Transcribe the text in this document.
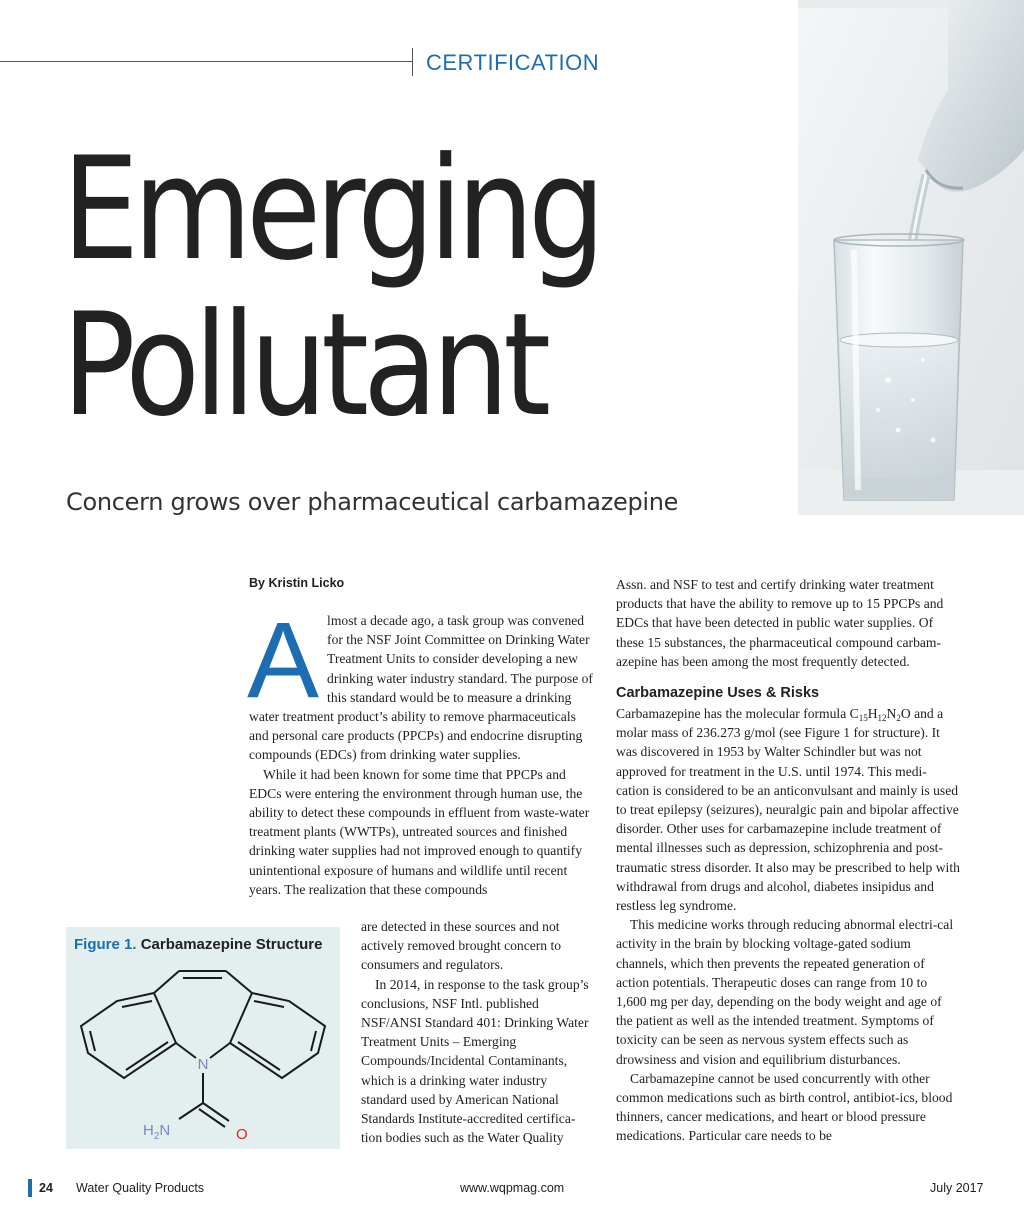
CERTIFICATION
Emerging
Pollutant
Concern grows over pharmaceutical carbamazepine
By Kristin Licko

Almost a decade ago, a task group was convened for the NSF Joint Committee on Drinking Water Treatment Units to consider developing a new drinking water industry standard. The purpose of this standard would be to measure a drinking water treatment product’s ability to remove pharmaceuticals and personal care products (PPCPs) and endocrine disrupting compounds (EDCs) from drinking water supplies.

While it had been known for some time that PPCPs and EDCs were entering the environment through human use, the ability to detect these compounds in effluent from waste-water treatment plants (WWTPs), untreated sources and finished drinking water supplies had not improved enough to quantify unintentional exposure of humans and wildlife until recent years. The realization that these compounds

are detected in these sources and not actively removed brought concern to consumers and regulators.

In 2014, in response to the task group’s conclusions, NSF Intl. published NSF/ANSI Standard 401: Drinking Water Treatment Units – Emerging Compounds/Incidental Contaminants, which is a drinking water industry standard used by American National Standards Institute-accredited certifica-tion bodies such as the Water Quality

Assn. and NSF to test and certify drinking water treatment products that have the ability to remove up to 15 PPCPs and EDCs that have been detected in public water supplies. Of these 15 substances, the pharmaceutical compound carbam-azepine has been among the most frequently detected.

Carbamazepine Uses & Risks

Carbamazepine has the molecular formula $C_{15}H_{12}N_2O$ and a molar mass of 236.273 g/mol (see Figure 1 for structure). It was discovered in 1953 by Walter Schindler but was not approved for treatment in the U.S. until 1974. This medi-cation is considered to be an anticonvulsant and mainly is used to treat epilepsy (seizures), neuralgic pain and bipolar affective disorder. Other uses for carbamazepine include treatment of mental illnesses such as depression, schizophrenia and post-traumatic stress disorder. It also may be prescribed to help with withdrawal from drugs and alcohol, diabetes insipidus and restless leg syndrome.

This medicine works through reducing abnormal electri-cal activity in the brain by blocking voltage-gated sodium channels, which then prevents the repeated generation of action potentials. Therapeutic doses can range from 10 to 1,600 mg per day, depending on the body weight and age of the patient as well as the intended treatment. Symptoms of toxicity can be seen as nervous system effects such as drowsiness and vision and equilibrium disturbances.

Carbamazepine cannot be used concurrently with other common medications such as birth control, antibiot-ics, blood thinners, cancer medications, and heart or blood pressure medications. Particular care needs to be

Figure 1. Carbamazepine Structure
N
$H_2N$	O
24 Water Quality Products	www.wqpmag.com	July 2017
